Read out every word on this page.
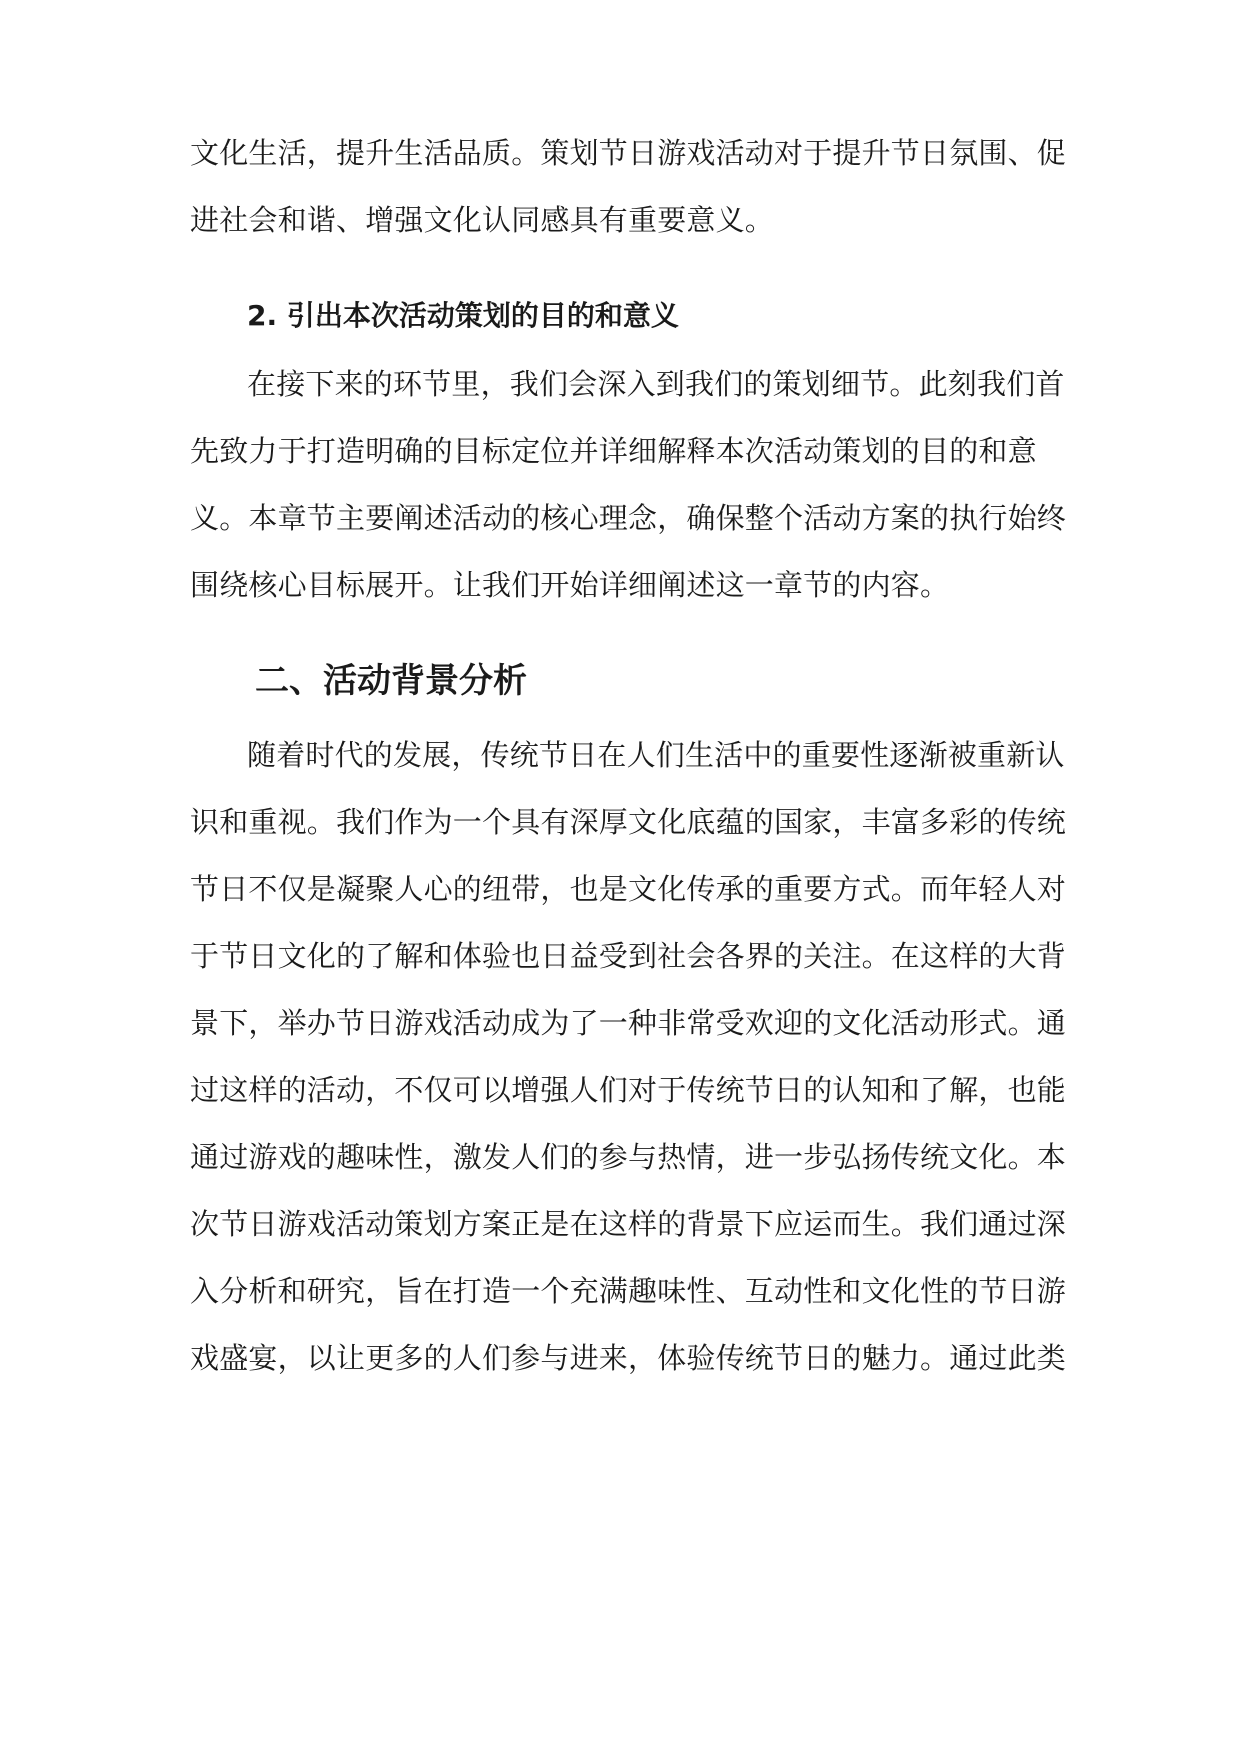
文化生活，提升生活品质。策划节日游戏活动对于提升节日氛围、促
进社会和谐、增强文化认同感具有重要意义。
2. 引出本次活动策划的目的和意义
在接下来的环节里，我们会深入到我们的策划细节。此刻我们首
先致力于打造明确的目标定位并详细解释本次活动策划的目的和意
义。本章节主要阐述活动的核心理念，确保整个活动方案的执行始终
围绕核心目标展开。让我们开始详细阐述这一章节的内容。
二、活动背景分析
随着时代的发展，传统节日在人们生活中的重要性逐渐被重新认
识和重视。我们作为一个具有深厚文化底蕴的国家，丰富多彩的传统
节日不仅是凝聚人心的纽带，也是文化传承的重要方式。而年轻人对
于节日文化的了解和体验也日益受到社会各界的关注。在这样的大背
景下，举办节日游戏活动成为了一种非常受欢迎的文化活动形式。通
过这样的活动，不仅可以增强人们对于传统节日的认知和了解，也能
通过游戏的趣味性，激发人们的参与热情，进一步弘扬传统文化。本
次节日游戏活动策划方案正是在这样的背景下应运而生。我们通过深
入分析和研究，旨在打造一个充满趣味性、互动性和文化性的节日游
戏盛宴，以让更多的人们参与进来，体验传统节日的魅力。通过此类
